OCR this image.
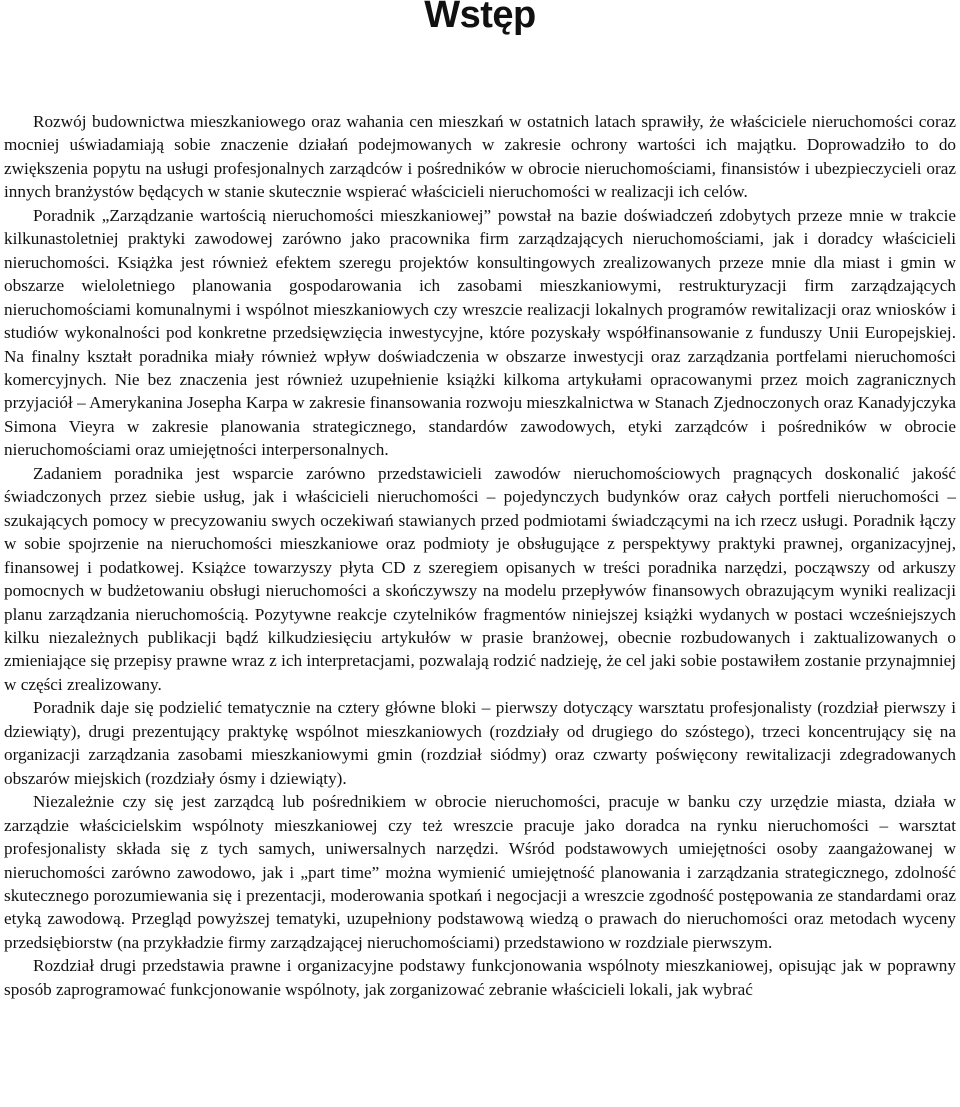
Wstęp

Rozwój budownictwa mieszkaniowego oraz wahania cen mieszkań w ostatnich latach sprawiły, że właściciele nieruchomości coraz mocniej uświadamiają sobie znaczenie działań podejmowanych w zakresie ochrony wartości ich majątku. Doprowadziło to do zwiększenia popytu na usługi profesjonalnych zarządców i pośredników w obrocie nieruchomościami, finansistów i ubezpieczycieli oraz innych branżystów będących w stanie skutecznie wspierać właścicieli nieruchomości w realizacji ich celów.

Poradnik „Zarządzanie wartością nieruchomości mieszkaniowej” powstał na bazie doświadczeń zdobytych przeze mnie w trakcie kilkunastoletniej praktyki zawodowej zarówno jako pracownika firm zarządzających nieruchomościami, jak i doradcy właścicieli nieruchomości. Książka jest również efektem szeregu projektów konsultingowych zrealizowanych przeze mnie dla miast i gmin w obszarze wieloletniego planowania gospodarowania ich zasobami mieszkaniowymi, restrukturyzacji firm zarządzających nieruchomościami komunalnymi i wspólnot mieszkaniowych czy wreszcie realizacji lokalnych programów rewitalizacji oraz wniosków i studiów wykonalności pod konkretne przedsięwzięcia inwestycyjne, które pozyskały współfinansowanie z funduszy Unii Europejskiej. Na finalny kształt poradnika miały również wpływ doświadczenia w obszarze inwestycji oraz zarządzania portfelami nieruchomości komercyjnych. Nie bez znaczenia jest również uzupełnienie książki kilkoma artykułami opracowanymi przez moich zagranicznych przyjaciół – Amerykanina Josepha Karpa w zakresie finansowania rozwoju mieszkalnictwa w Stanach Zjednoczonych oraz Kanadyjczyka Simona Vieyra w zakresie planowania strategicznego, standardów zawodowych, etyki zarządców i pośredników w obrocie nieruchomościami oraz umiejętności interpersonalnych.

Zadaniem poradnika jest wsparcie zarówno przedstawicieli zawodów nieruchomościowych pragnących doskonalić jakość świadczonych przez siebie usług, jak i właścicieli nieruchomości – pojedynczych budynków oraz całych portfeli nieruchomości – szukających pomocy w precyzowaniu swych oczekiwań stawianych przed podmiotami świadczącymi na ich rzecz usługi. Poradnik łączy w sobie spojrzenie na nieruchomości mieszkaniowe oraz podmioty je obsługujące z perspektywy praktyki prawnej, organizacyjnej, finansowej i podatkowej. Książce towarzyszy płyta CD z szeregiem opisanych w treści poradnika narzędzi, począwszy od arkuszy pomocnych w budżetowaniu obsługi nieruchomości a skończywszy na modelu przepływów finansowych obrazującym wyniki realizacji planu zarządzania nieruchomością. Pozytywne reakcje czytelników fragmentów niniejszej książki wydanych w postaci wcześniejszych kilku niezależnych publikacji bądź kilkudziesięciu artykułów w prasie branżowej, obecnie rozbudowanych i zaktualizowanych o zmieniające się przepisy prawne wraz z ich interpretacjami, pozwalają rodzić nadzieję, że cel jaki sobie postawiłem zostanie przynajmniej w części zrealizowany.

Poradnik daje się podzielić tematycznie na cztery główne bloki – pierwszy dotyczący warsztatu profesjonalisty (rozdział pierwszy i dziewiąty), drugi prezentujący praktykę wspólnot mieszkaniowych (rozdziały od drugiego do szóstego), trzeci koncentrujący się na organizacji zarządzania zasobami mieszkaniowymi gmin (rozdział siódmy) oraz czwarty poświęcony rewitalizacji zdegradowanych obszarów miejskich (rozdziały ósmy i dziewiąty).

Niezależnie czy się jest zarządcą lub pośrednikiem w obrocie nieruchomości, pracuje w banku czy urzędzie miasta, działa w zarządzie właścicielskim wspólnoty mieszkaniowej czy też wreszcie pracuje jako doradca na rynku nieruchomości – warsztat profesjonalisty składa się z tych samych, uniwersalnych narzędzi. Wśród podstawowych umiejętności osoby zaangażowanej w nieruchomości zarówno zawodowo, jak i „part time” można wymienić umiejętność planowania i zarządzania strategicznego, zdolność skutecznego porozumiewania się i prezentacji, moderowania spotkań i negocjacji a wreszcie zgodność postępowania ze standardami oraz etyką zawodową. Przegląd powyższej tematyki, uzupełniony podstawową wiedzą o prawach do nieruchomości oraz metodach wyceny przedsiębiorstw (na przykładzie firmy zarządzającej nieruchomościami) przedstawiono w rozdziale pierwszym.

Rozdział drugi przedstawia prawne i organizacyjne podstawy funkcjonowania wspólnoty mieszkaniowej, opisując jak w poprawny sposób zaprogramować funkcjonowanie wspólnoty, jak zorganizować zebranie właścicieli lokali, jak wybrać
